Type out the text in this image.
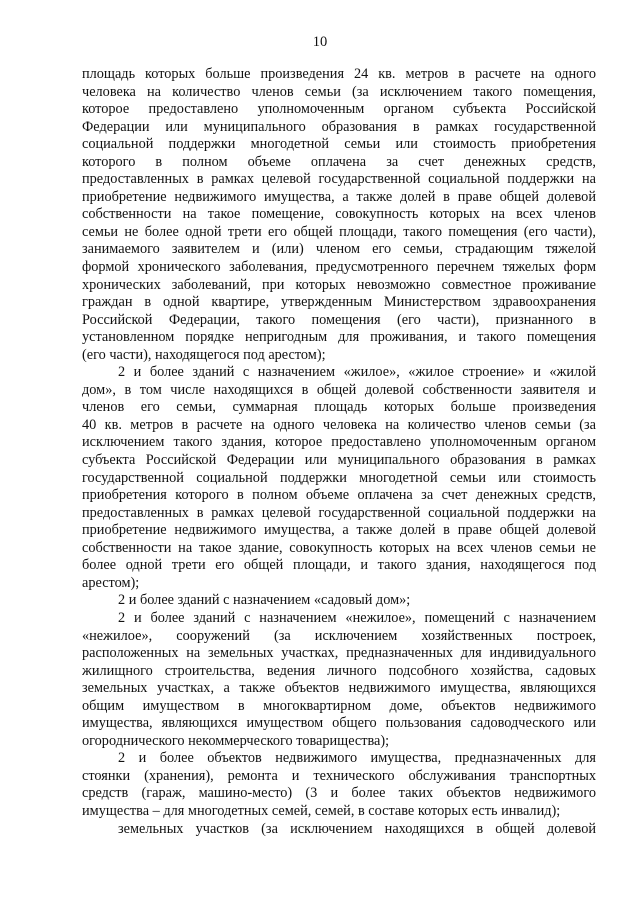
10
площадь которых больше произведения 24 кв. метров в расчете на одного
человека на количество членов семьи (за исключением такого помещения,
которое предоставлено уполномоченным органом субъекта Российской
Федерации или муниципального образования в рамках государственной
социальной поддержки многодетной семьи или стоимость приобретения
которого в полном объеме оплачена за счет денежных средств,
предоставленных в рамках целевой государственной социальной поддержки на
приобретение недвижимого имущества, а также долей в праве общей долевой
собственности на такое помещение, совокупность которых на всех членов
семьи не более одной трети его общей площади, такого помещения (его части),
занимаемого заявителем и (или) членом его семьи, страдающим тяжелой
формой хронического заболевания, предусмотренного перечнем тяжелых форм
хронических заболеваний, при которых невозможно совместное проживание
граждан в одной квартире, утвержденным Министерством здравоохранения
Российской Федерации, такого помещения (его части), признанного в
установленном порядке непригодным для проживания, и такого помещения
(его части), находящегося под арестом);
2 и более зданий с назначением «жилое», «жилое строение» и «жилой
дом», в том числе находящихся в общей долевой собственности заявителя и
членов его семьи, суммарная площадь которых больше произведения
40 кв. метров в расчете на одного человека на количество членов семьи (за
исключением такого здания, которое предоставлено уполномоченным органом
субъекта Российской Федерации или муниципального образования в рамках
государственной социальной поддержки многодетной семьи или стоимость
приобретения которого в полном объеме оплачена за счет денежных средств,
предоставленных в рамках целевой государственной социальной поддержки на
приобретение недвижимого имущества, а также долей в праве общей долевой
собственности на такое здание, совокупность которых на всех членов семьи не
более одной трети его общей площади, и такого здания, находящегося под
арестом);
2 и более зданий с назначением «садовый дом»;
2 и более зданий с назначением «нежилое», помещений с назначением
«нежилое», сооружений (за исключением хозяйственных построек,
расположенных на земельных участках, предназначенных для индивидуального
жилищного строительства, ведения личного подсобного хозяйства, садовых
земельных участках, а также объектов недвижимого имущества, являющихся
общим имуществом в многоквартирном доме, объектов недвижимого
имущества, являющихся имуществом общего пользования садоводческого или
огороднического некоммерческого товарищества);
2 и более объектов недвижимого имущества, предназначенных для
стоянки (хранения), ремонта и технического обслуживания транспортных
средств (гараж, машино-место) (3 и более таких объектов недвижимого
имущества – для многодетных семей, семей, в составе которых есть инвалид);
земельных участков (за исключением находящихся в общей долевой
